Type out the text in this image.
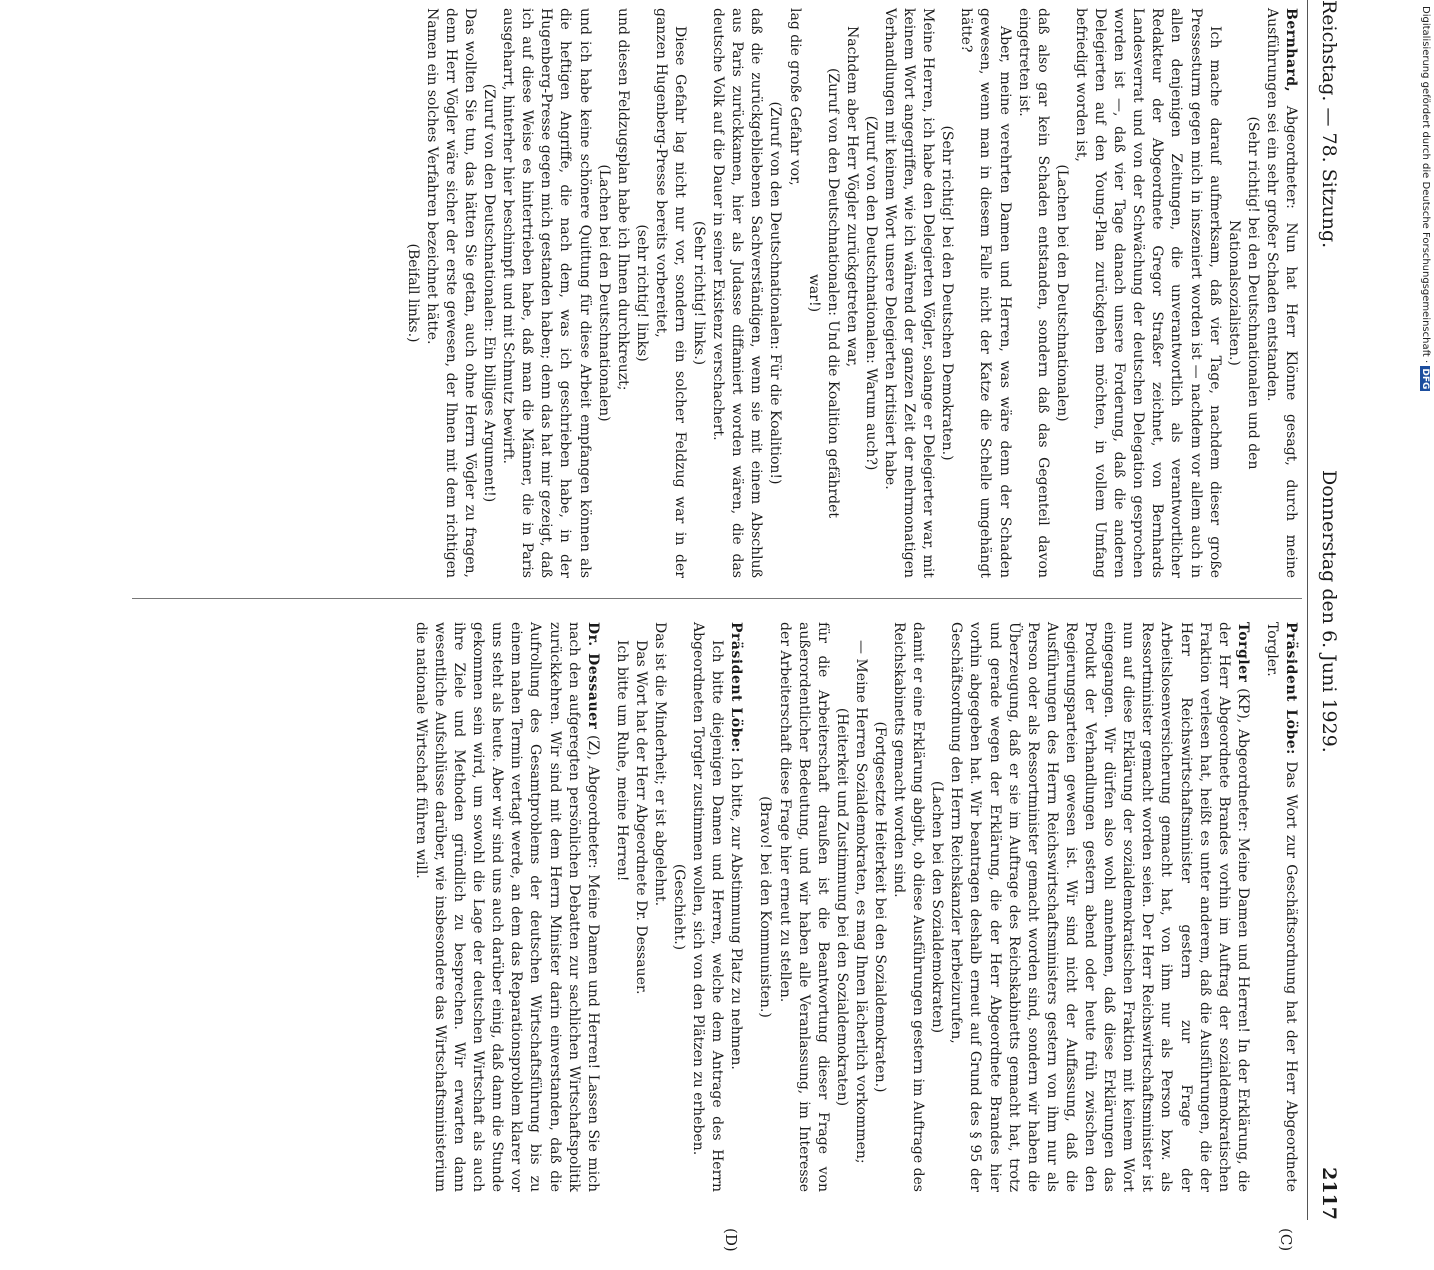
Reichstag. — 78. Sitzung.
Donnerstag den 6. Juni 1929.
2117
(C)
(D)

Bernhard, Abgeordneter: Nun hat Herr Klönne gesagt, durch meine Ausführungen sei ein sehr großer Schaden entstanden.

(Sehr richtig! bei den Deutschnationalen und den Nationalsozialisten.)

Ich mache darauf aufmerksam, daß vier Tage, nachdem dieser große Pressesturm gegen mich in inszeniert worden ist — nachdem vor allem auch in allen denjenigen Zeitungen, die unverantwortlich als verantwortlicher Redakteur der Abgeordnete Gregor Straßer zeichnet, von Bernhards Landesverrat und von der Schwächung der deutschen Delegation gesprochen worden ist —, daß vier Tage danach unsere Forderung, daß die anderen Delegierten auf den Young-Plan zurückgehen möchten, in vollem Umfang befriedigt worden ist,

(Lachen bei den Deutschnationalen)

daß also gar kein Schaden entstanden, sondern daß das Gegenteil davon eingetreten ist.

Aber, meine verehrten Damen und Herren, was wäre denn der Schaden gewesen, wenn man in diesem Falle nicht der Katze die Schelle umgehängt hätte?

(Sehr richtig! bei den Deutschen Demokraten.)

Meine Herren, ich habe den Delegierten Vögler, solange er Delegierter war, mit keinem Wort angegriffen, wie ich während der ganzen Zeit der mehrmonatigen Verhandlungen mit keinem Wort unsere Delegierten kritisiert habe.

(Zuruf von den Deutschnationalen: Warum auch?)

Nachdem aber Herr Vögler zurückgetreten war,

(Zuruf von den Deutschnationalen: Und die Koalition gefährdet war!)

lag die große Gefahr vor,

(Zuruf von den Deutschnationalen: Für die Koalition!)

daß die zurückgebliebenen Sachverständigen, wenn sie mit einem Abschluß aus Paris zurückkamen, hier als Judasse diffamiert worden wären, die das deutsche Volk auf die Dauer in seiner Existenz verschachert.

(Sehr richtig! links.)

Diese Gefahr lag nicht nur vor, sondern ein solcher Feldzug war in der ganzen Hugenberg-Presse bereits vorbereitet,

(sehr richtig! links)

und diesen Feldzugsplan habe ich Ihnen durchkreuzt;

(Lachen bei den Deutschnationalen)

und ich habe keine schönere Quittung für diese Arbeit empfangen können als die heftigen Angriffe, die nach dem, was ich geschrieben habe, in der Hugenberg-Presse gegen mich gestanden haben; denn das hat mir gezeigt, daß ich auf diese Weise es hintertrieben habe, daß man die Männer, die in Paris ausgeharrt, hinterher hier beschimpft und mit Schmutz bewirft.

(Zuruf von den Deutschnationalen: Ein billiges Argument!)

Das wollten Sie tun, das hätten Sie getan, auch ohne Herrn Vögler zu fragen, denn Herr Vögler wäre sicher der erste gewesen, der Ihnen mit dem richtigen Namen ein solches Verfahren bezeichnet hätte.

(Beifall links.)

Präsident Löbe: Das Wort zur Geschäftsordnung hat der Herr Abgeordnete Torgler.

Torgler (KP), Abgeordneter: Meine Damen und Herren! In der Erklärung, die der Herr Abgeordnete Brandes vorhin im Auftrag der sozialdemokratischen Fraktion verlesen hat, heißt es unter anderem, daß die Ausführungen, die der Herr Reichswirtschaftsminister gestern zur Frage der Arbeitslosenversicherung gemacht hat, von ihm nur als Person bzw. als Ressortminister gemacht worden seien. Der Herr Reichswirtschaftsminister ist nun auf diese Erklärung der sozialdemokratischen Fraktion mit keinem Wort eingegangen. Wir dürfen also wohl annehmen, daß diese Erklärungen das Produkt der Verhandlungen gestern abend oder heute früh zwischen den Regierungsparteien gewesen ist. Wir sind nicht der Auffassung, daß die Ausführungen des Herrn Reichswirtschaftsministers gestern von ihm nur als Person oder als Ressortminister gemacht worden sind, sondern wir haben die Überzeugung, daß er sie im Auftrage des Reichskabinetts gemacht hat, trotz und gerade wegen der Erklärung, die der Herr Abgeordnete Brandes hier vorhin abgegeben hat. Wir beantragen deshalb erneut auf Grund des § 95 der Geschäftsordnung den Herrn Reichskanzler herbeizurufen,

(Lachen bei den Sozialdemokraten)

damit er eine Erklärung abgibt, ob diese Ausführungen gestern im Auftrage des Reichskabinetts gemacht worden sind.

(Fortgesetzte Heiterkeit bei den Sozialdemokraten.)

— Meine Herren Sozialdemokraten, es mag Ihnen lächerlich vorkommen;

(Heiterkeit und Zustimmung bei den Sozialdemokraten)

für die Arbeiterschaft draußen ist die Beantwortung dieser Frage von außerordentlicher Bedeutung, und wir haben alle Veranlassung, im Interesse der Arbeiterschaft diese Frage hier erneut zu stellen.

(Bravo! bei den Kommunisten.)

Präsident Löbe: Ich bitte, zur Abstimmung Platz zu nehmen.

Ich bitte diejenigen Damen und Herren, welche dem Antrage des Herrn Abgeordneten Torgler zustimmen wollen, sich von den Plätzen zu erheben.

(Geschieht.)

Das ist die Minderheit; er ist abgelehnt.

Das Wort hat der Herr Abgeordnete Dr. Dessauer.

Ich bitte um Ruhe, meine Herren!

Dr. Dessauer (Z), Abgeordneter: Meine Damen und Herren! Lassen Sie mich nach den aufgeregten persönlichen Debatten zur sachlichen Wirtschaftspolitik zurückkehren. Wir sind mit dem Herrn Minister darin einverstanden, daß die Aufrollung des Gesamtproblems der deutschen Wirtschaftsführung bis zu einem nahen Termin vertagt werde, an dem das Reparationsproblem klarer vor uns steht als heute. Aber wir sind uns auch darüber einig, daß dann die Stunde gekommen sein wird, um sowohl die Lage der deutschen Wirtschaft als auch ihre Ziele und Methoden gründlich zu besprechen. Wir erwarten dann wesentliche Aufschlüsse darüber, wie insbesondere das Wirtschaftsministerium die nationale Wirtschaft führen will.

Digitalisierung gefördert durch die Deutsche Forschungsgemeinschaft · DFG
